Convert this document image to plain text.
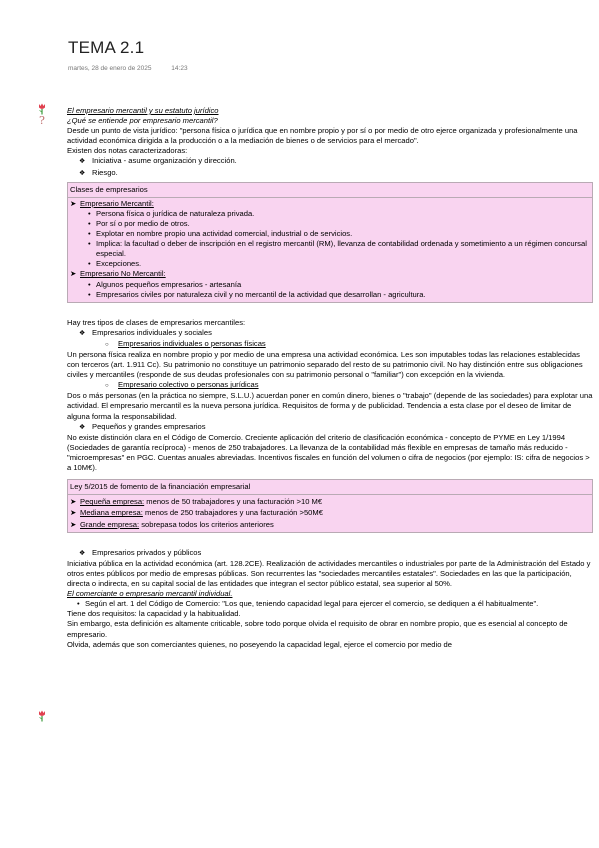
TEMA 2.1
martes, 28 de enero de 2025	14:23
?

El empresario mercantil y su estatuto jurídico

¿Qué se entiende por empresario mercantil?

Desde un punto de vista jurídico: "persona física o jurídica que en nombre propio y por sí o por medio de otro ejerce organizada y profesionalmente una actividad económica dirigida a la producción o a la mediación de bienes o de servicios para el mercado".

Existen dos notas caracterizadoras:

❖ Iniciativa - asume organización y dirección.

❖ Riesgo.

Clases de empresarios

➤ Empresario Mercantil:

• Persona física o jurídica de naturaleza privada.

• Por sí o por medio de otros.

• Explotar en nombre propio una actividad comercial, industrial o de servicios.

• Implica: la facultad o deber de inscripción en el registro mercantil (RM), llevanza de contabilidad ordenada y sometimiento a un régimen concursal especial.

• Excepciones.

➤ Empresario No Mercantil:

• Algunos pequeños empresarios - artesanía

• Empresarios civiles por naturaleza civil y no mercantil de la actividad que desarrollan - agricultura.

Hay tres tipos de clases de empresarios mercantiles:

❖ Empresarios individuales y sociales

○ Empresarios individuales o personas físicas

Un persona física realiza en nombre propio y por medio de una empresa una actividad económica. Les son imputables todas las relaciones establecidas con terceros (art. 1.911 Cc). Su patrimonio no constituye un patrimonio separado del resto de su patrimonio civil. No hay distinción entre sus obligaciones civiles y mercantiles (responde de sus deudas profesionales con su patrimonio personal o "familiar") con excepción en la vivienda.

○ Empresario colectivo o personas jurídicas

Dos o más personas (en la práctica no siempre, S.L.U.) acuerdan poner en común dinero, bienes o "trabajo" (depende de las sociedades) para explotar una actividad. El empresario mercantil es la nueva persona jurídica. Requisitos de forma y de publicidad. Tendencia a esta clase por el deseo de limitar de alguna forma la responsabilidad.

❖ Pequeños y grandes empresarios

No existe distinción clara en el Código de Comercio. Creciente aplicación del criterio de clasificación económica - concepto de PYME en Ley 1/1994 (Sociedades de garantía recíproca) - menos de 250 trabajadores. La llevanza de la contabilidad más flexible en empresas de tamaño más reducido - "microempresas" en PGC. Cuentas anuales abreviadas. Incentivos fiscales en función del volumen o cifra de negocios (por ejemplo: IS: cifra de negocios > a 10M€).

Ley 5/2015 de fomento de la financiación empresarial

➤ Pequeña empresa: menos de 50 trabajadores y una facturación >10 M€

➤ Mediana empresa: menos de 250 trabajadores y una facturación >50M€

➤ Grande empresa: sobrepasa todos los criterios anteriores

❖ Empresarios privados y públicos

Iniciativa pública en la actividad económica (art. 128.2CE). Realización de actividades mercantiles o industriales por parte de la Administración del Estado y otros entes públicos por medio de empresas públicas. Son recurrentes las "sociedades mercantiles estatales". Sociedades en las que la participación, directa o indirecta, en su capital social de las entidades que integran el sector público estatal, sea superior al 50%.

El comerciante o empresario mercantil individual.

• Según el art. 1 del Código de Comercio: "Los que, teniendo capacidad legal para ejercer el comercio, se dediquen a él habitualmente".

Tiene dos requisitos: la capacidad y la habitualidad.

Sin embargo, esta definición es altamente criticable, sobre todo porque olvida el requisito de obrar en nombre propio, que es esencial al concepto de empresario.

Olvida, además que son comerciantes quienes, no poseyendo la capacidad legal, ejerce el comercio por medio de
